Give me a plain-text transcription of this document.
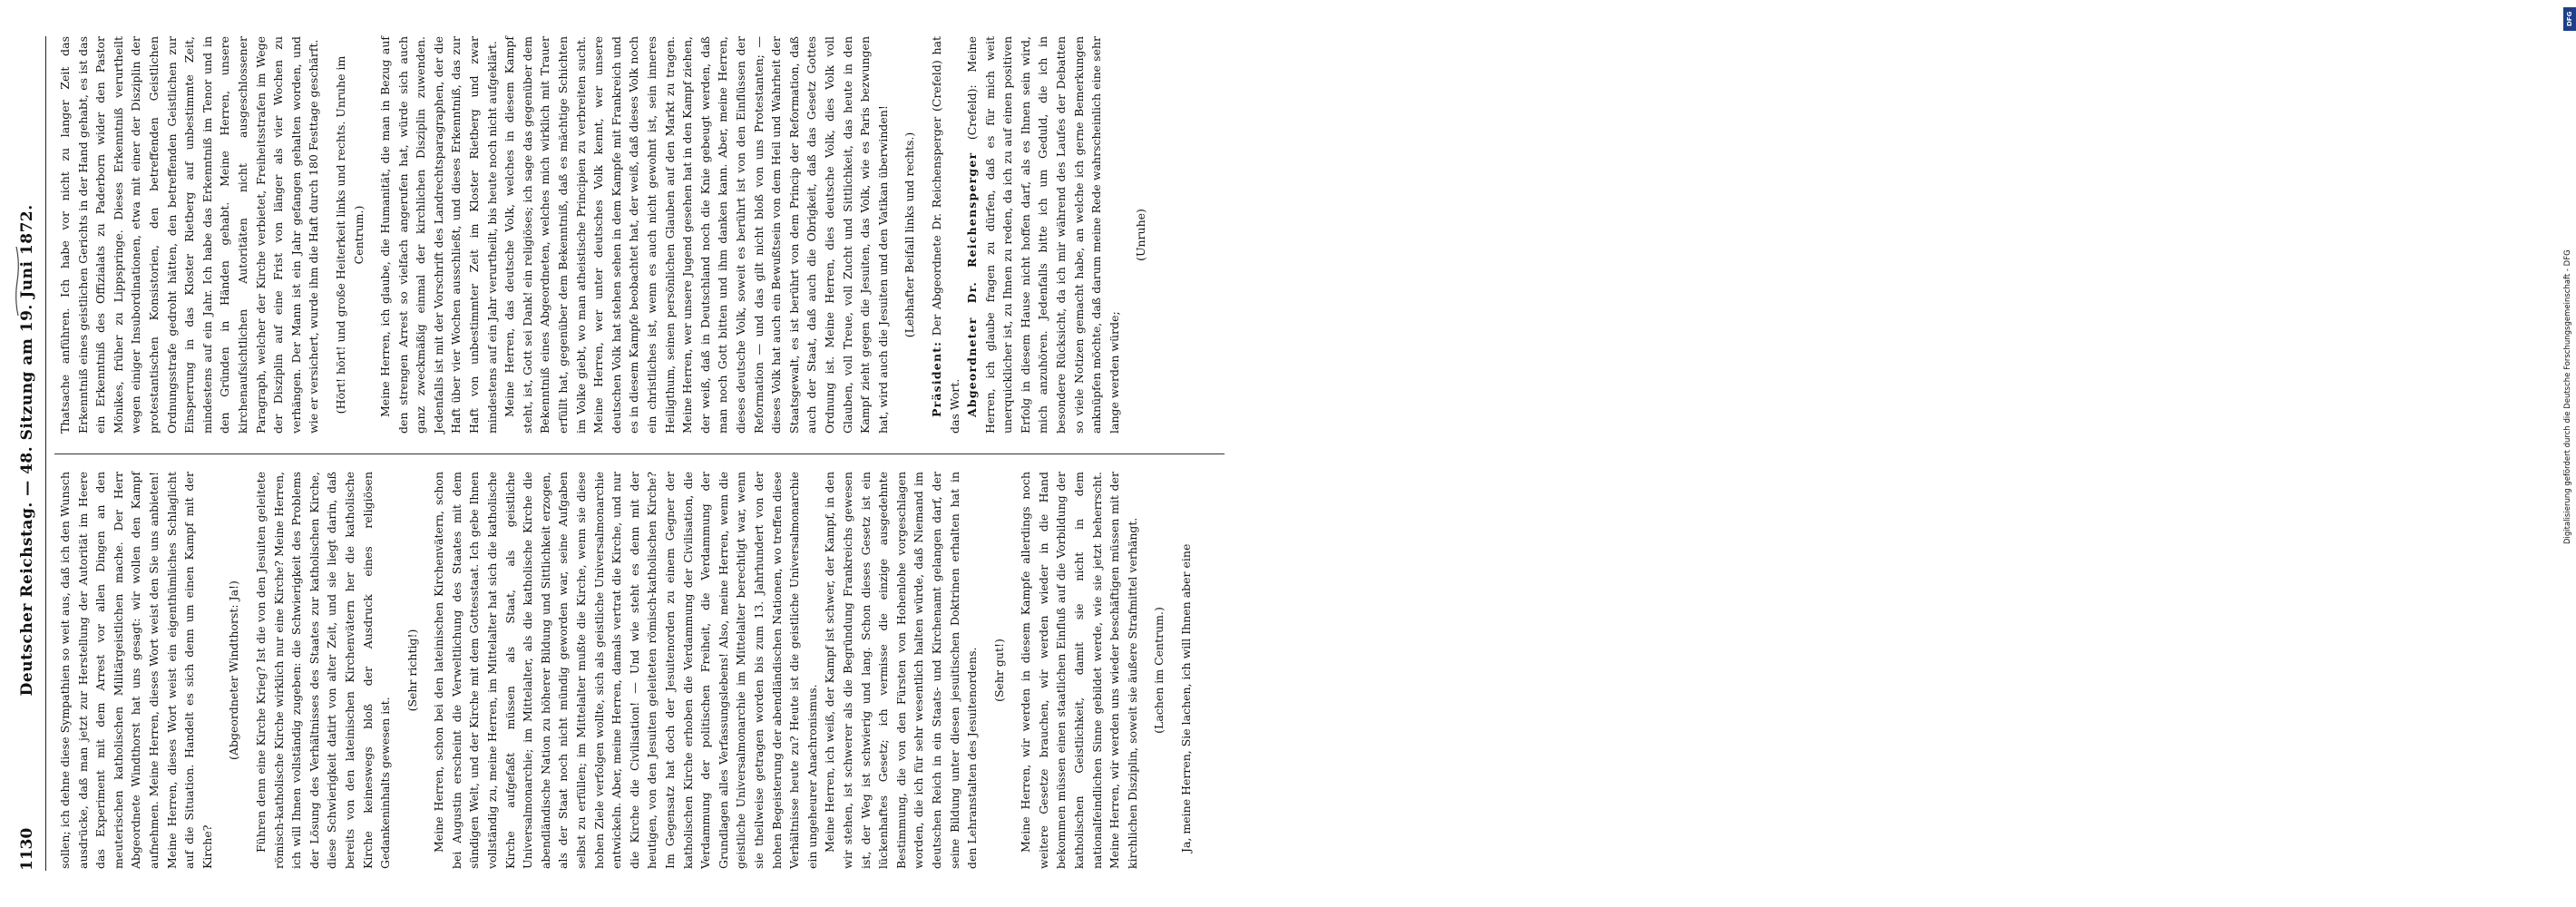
1130
Deutscher Reichstag. — 48. Sitzung am 19. Juni 1872. sollen; ich dehne diese Sympathien so weit aus, daß ich den Wunsch ausdrücke, daß man jetzt zur Herstellung der Autorität im Heere das Experiment mit dem Arrest vor allen Dingen an den meuterischen katholischen Militärgeistlichen mache. Der Herr Abgeordnete Windthorst hat uns gesagt: wir wollen den Kampf aufnehmen. Meine Herren, dieses Wort weist den Sie uns anbieten! Meine Herren, dieses Wort weist ein eigenthümliches Schlaglicht auf die Situation. Handelt es sich denn um einen Kampf mit der Kirche?

(Abgeordneter Windthorst: Ja!) Führen denn eine Kirche Krieg? Ist die von den Jesuiten geleitete römisch-katholische Kirche wirklich nur eine Kirche? Meine Herren, ich will Ihnen vollständig zugeben: die Schwierigkeit des Problems der Lösung des Verhältnisses des Staates zur katholischen Kirche, diese Schwierigkeit datirt von alter Zeit, und sie liegt darin, daß bereits von den lateinischen Kirchenvätern her die katholische Kirche keineswegs bloß der Ausdruck eines religiösen Gedankeninhalts gewesen ist.

(Sehr richtig!) Meine Herren, schon bei den lateinischen Kirchenvätern, schon bei Augustin erscheint die Verweltlichung des Staates mit dem sündigen Welt, und der Kirche mit dem Gottesstaat. Ich gebe Ihnen vollständig zu, meine Herren, im Mittelalter hat sich die katholische Kirche aufgefaßt müssen als Staat, als geistliche Universalmonarchie; im Mittelalter, als die katholische Kirche die abendländische Nation zu höherer Bildung und Sittlichkeit erzogen, als der Staat noch nicht mündig geworden war, seine Aufgaben selbst zu erfüllen; im Mittelalter mußte die Kirche, wenn sie diese hohen Ziele verfolgen wollte, sich als geistliche Universalmonarchie entwickeln. Aber, meine Herren, damals vertrat die Kirche, und nur die Kirche die Civilisation! — Und wie steht es denn mit der heutigen, von den Jesuiten geleiteten römisch-katholischen Kirche? Im Gegensatz hat doch der Jesuitenorden zu einem Gegner der katholischen Kirche erhoben die Verdammung der Civilisation, die Verdammung der politischen Freiheit, die Verdammung der Grundlagen alles Verfassungslebens! Also, meine Herren, wenn die geistliche Universalmonarchie im Mittelalter berechtigt war, wenn sie theilweise getragen worden bis zum 13. Jahrhundert von der hohen Begeisterung der abendländischen Nationen, wo treffen diese Verhältnisse heute zu? Heute ist die geistliche Universalmonarchie ein ungeheurer Anachronismus. Meine Herren, ich weiß, der Kampf ist schwer, der Kampf, in den wir stehen, ist schwerer als die Begründung Frankreichs gewesen ist, der Weg ist schwierig und lang. Schon dieses Gesetz ist ein lückenhaftes Gesetz; ich vermisse die einzige ausgedehnte Bestimmung, die von den Fürsten von Hohenlohe vorgeschlagen worden, die ich für sehr wesentlich halten würde, daß Niemand im deutschen Reich in ein Staats- und Kirchenamt gelangen darf, der seine Bildung unter diesen jesuitischen Doktrinen erhalten hat in den Lehranstalten des Jesuitenordens. (Sehr gut!) Meine Herren, wir werden in diesem Kampfe allerdings noch weitere Gesetze brauchen, wir werden wieder in die Hand bekommen müssen einen staatlichen Einfluß auf die Vorbildung der katholischen Geistlichkeit, damit sie nicht in dem nationalfeindlichen Sinne gebildet werde, wie sie jetzt beherrscht. Meine Herren, wir werden uns wieder beschäftigen müssen mit der kirchlichen Disziplin, soweit sie äußere Strafmittel verhängt. (Lachen im Centrum.) Ja, meine Herren, Sie lachen, ich will Ihnen aber eine

Thatsache anführen. Ich habe vor nicht zu langer Zeit das Erkenntniß eines geistlichen Gerichts in der Hand gehabt, es ist das ein Erkenntniß des Offizialats zu Paderborn wider den Pastor Mönikes, früher zu Lippspringe. Dieses Erkenntniß verurtheilt wegen einiger Insubordinationen, etwa mit einer der Disziplin der protestantischen Konsistorien, den betreffenden Geistlichen Ordnungsstrafe gedroht hätten, den betreffenden Geistlichen zur Einsperrung in das Kloster Rietberg auf unbestimmte Zeit, mindestens auf ein Jahr. Ich habe das Erkenntniß im Tenor und in den Gründen in Händen gehabt. Meine Herren, unsere kirchenaufsichtlichen Autoritäten nicht ausgeschlossener Paragraph, welcher der Kirche verbietet, Freiheitsstrafen im Wege der Disziplin auf eine Frist von länger als vier Wochen zu verhängen. Der Mann ist ein Jahr gefangen gehalten worden, und wie er versichert, wurde ihm die Haft durch 180 Festtage geschärft. (Hört! hört! und große Heiterkeit links und rechts. Unruhe im Centrum.) Meine Herren, ich glaube, die Humanität, die man in Bezug auf den strengen Arrest so vielfach angerufen hat, würde sich auch ganz zweckmäßig einmal der kirchlichen Disziplin zuwenden. Jedenfalls ist mit der Vorschrift des Landrechtsparagraphen, der die Haft über vier Wochen ausschließt, und dieses Erkenntniß, das zur Haft von unbestimmter Zeit im Kloster Rietberg und zwar mindestens auf ein Jahr verurtheilt, bis heute noch nicht aufgeklärt. Meine Herren, das deutsche Volk, welches in diesem Kampf steht, ist, Gott sei Dank! ein religiöses; ich sage das gegenüber dem Bekenntniß eines Abgeordneten, welches mich wirklich mit Trauer erfüllt hat, gegenüber dem Bekenntniß, daß es mächtige Schichten im Volke giebt, wo man atheistische Principien zu verbreiten sucht. Meine Herren, wer unter deutsches Volk kennt, wer unsere deutschen Volk hat stehen sehen in dem Kampfe mit Frankreich und es in diesem Kampfe beobachtet hat, der weiß, daß dieses Volk noch ein christliches ist, wenn es auch nicht gewohnt ist, sein inneres Heiligthum, seinen persönlichen Glauben auf den Markt zu tragen. Meine Herren, wer unsere Jugend gesehen hat in den Kampf ziehen, der weiß, daß in Deutschland noch die Knie gebeugt werden, daß man noch Gott bitten und ihm danken kann. Aber, meine Herren, dieses deutsche Volk, soweit es berührt ist von den Einflüssen der Reformation — und das gilt nicht bloß von uns Protestanten; — dieses Volk hat auch ein Bewußtsein von dem Heil und Wahrheit der Staatsgewalt, es ist berührt von dem Princip der Reformation, daß auch der Staat, daß auch die Obrigkeit, daß das Gesetz Gottes Ordnung ist. Meine Herren, dies deutsche Volk, dies Volk voll Glauben, voll Treue, voll Zucht und Sittlichkeit, das heute in den Kampf zieht gegen die Jesuiten, das Volk, wie es Paris bezwungen hat, wird auch die Jesuiten und den Vatikan überwinden! (Lebhafter Beifall links und rechts.)

Präsident: Der Abgeordnete Dr. Reichensperger (Crefeld) hat das Wort. Abgeordneter Dr. Reichensperger (Crefeld): Meine Herren, ich glaube fragen zu dürfen, daß es für mich weit unerquicklicher ist, zu Ihnen zu reden, da ich zu auf einen positiven Erfolg in diesem Hause nicht hoffen darf, als es Ihnen sein wird, mich anzuhören. Jedenfalls bitte ich um Geduld, die ich in besondere Rücksicht, da ich mir während des Laufes der Debatten so viele Notizen gemacht habe, an welche ich gerne Bemerkungen anknüpfen möchte, daß darum meine Rede wahrscheinlich eine sehr lange werden würde;

(Unruhe)
DFG
Digitalisierung gefördert durch die Deutsche Forschungsgemeinschaft - DFG
